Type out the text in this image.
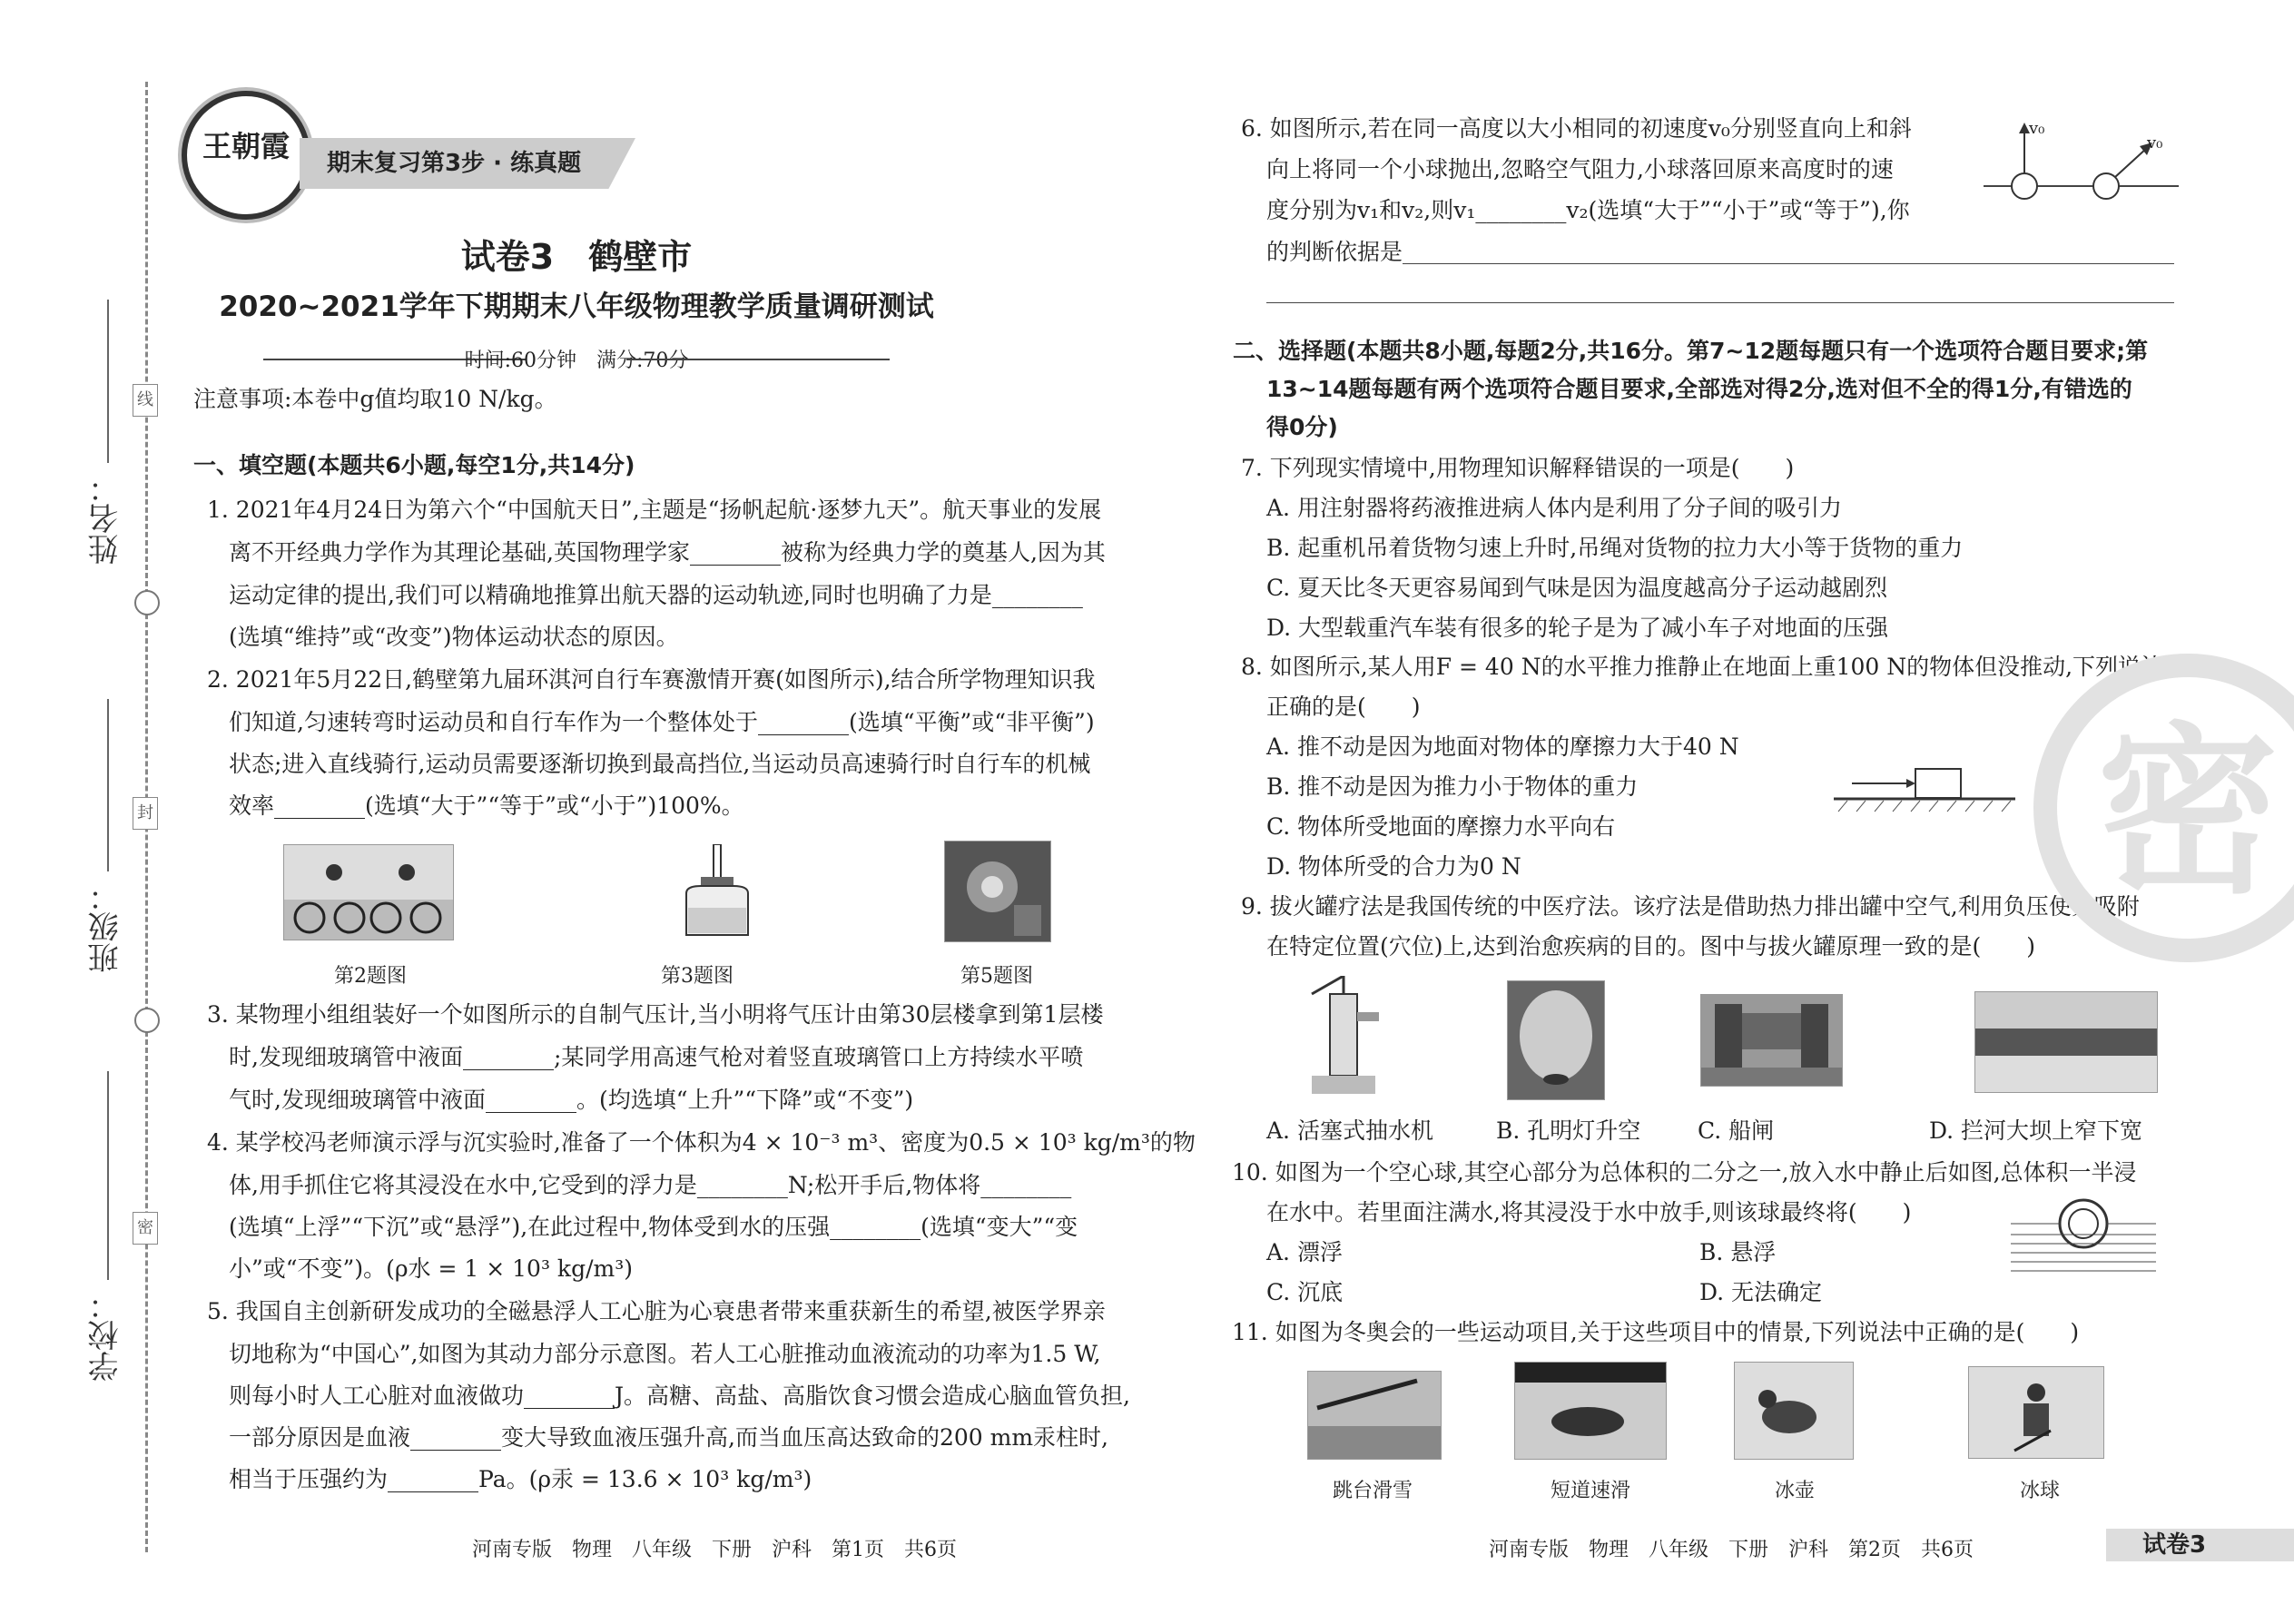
姓名：
班级：
学校：
线
封
密
王朝霞	期末复习第3步 · 练真题
试卷3　鹤壁市
2020~2021学年下期期末八年级物理教学质量调研测试
时间:60分钟　满分:70分
注意事项:本卷中g值均取10 N/kg。
一、填空题(本题共6小题,每空1分,共14分)
1. 2021年4月24日为第六个“中国航天日”,主题是“扬帆起航·逐梦九天”。航天事业的发展
离不开经典力学作为其理论基础,英国物理学家________被称为经典力学的奠基人,因为其
运动定律的提出,我们可以精确地推算出航天器的运动轨迹,同时也明确了力是________
(选填“维持”或“改变”)物体运动状态的原因。
2. 2021年5月22日,鹤壁第九届环淇河自行车赛激情开赛(如图所示),结合所学物理知识我
们知道,匀速转弯时运动员和自行车作为一个整体处于________(选填“平衡”或“非平衡”)
状态;进入直线骑行,运动员需要逐渐切换到最高挡位,当运动员高速骑行时自行车的机械
效率________(选填“大于”“等于”或“小于”)100%。
第2题图	第3题图	第5题图
3. 某物理小组组装好一个如图所示的自制气压计,当小明将气压计由第30层楼拿到第1层楼
时,发现细玻璃管中液面________;某同学用高速气枪对着竖直玻璃管口上方持续水平喷
气时,发现细玻璃管中液面________。(均选填“上升”“下降”或“不变”)
4. 某学校冯老师演示浮与沉实验时,准备了一个体积为4 × 10⁻³ m³、密度为0.5 × 10³ kg/m³的物
体,用手抓住它将其浸没在水中,它受到的浮力是________N;松开手后,物体将________
(选填“上浮”“下沉”或“悬浮”),在此过程中,物体受到水的压强________(选填“变大”“变
小”或“不变”)。(ρ水 = 1 × 10³ kg/m³)
5. 我国自主创新研发成功的全磁悬浮人工心脏为心衰患者带来重获新生的希望,被医学界亲
切地称为“中国心”,如图为其动力部分示意图。若人工心脏推动血液流动的功率为1.5 W,
则每小时人工心脏对血液做功________J。高糖、高盐、高脂饮食习惯会造成心脑血管负担,
一部分原因是血液________变大导致血液压强升高,而当血压高达致命的200 mm汞柱时,
相当于压强约为________Pa。(ρ汞 = 13.6 × 10³ kg/m³)
河南专版　物理　八年级　下册　沪科　第1页　共6页
6. 如图所示,若在同一高度以大小相同的初速度v₀分别竖直向上和斜
向上将同一个小球抛出,忽略空气阻力,小球落回原来高度时的速
度分别为v₁和v₂,则v₁________v₂(选填“大于”“小于”或“等于”),你
的判断依据是
v₀
v₀
二、选择题(本题共8小题,每题2分,共16分。第7~12题每题只有一个选项符合题目要求;第
13~14题每题有两个选项符合题目要求,全部选对得2分,选对但不全的得1分,有错选的
得0分)
7. 下列现实情境中,用物理知识解释错误的一项是(　　)
A. 用注射器将药液推进病人体内是利用了分子间的吸引力
B. 起重机吊着货物匀速上升时,吊绳对货物的拉力大小等于货物的重力
C. 夏天比冬天更容易闻到气味是因为温度越高分子运动越剧烈
D. 大型载重汽车装有很多的轮子是为了减小车子对地面的压强
8. 如图所示,某人用F = 40 N的水平推力推静止在地面上重100 N的物体但没推动,下列说法
正确的是(　　)
A. 推不动是因为地面对物体的摩擦力大于40 N
B. 推不动是因为推力小于物体的重力
C. 物体所受地面的摩擦力水平向右
D. 物体所受的合力为0 N
9. 拔火罐疗法是我国传统的中医疗法。该疗法是借助热力排出罐中空气,利用负压使其吸附
在特定位置(穴位)上,达到治愈疾病的目的。图中与拔火罐原理一致的是(　　)
A. 活塞式抽水机	B. 孔明灯升空	C. 船闸	D. 拦河大坝上窄下宽
10. 如图为一个空心球,其空心部分为总体积的二分之一,放入水中静止后如图,总体积一半浸
在水中。若里面注满水,将其浸没于水中放手,则该球最终将(　　)
A. 漂浮	B. 悬浮
C. 沉底	D. 无法确定
11. 如图为冬奥会的一些运动项目,关于这些项目中的情景,下列说法中正确的是(　　)
跳台滑雪	短道速滑	冰壶	冰球
河南专版　物理　八年级　下册　沪科　第2页　共6页	试卷3
密
